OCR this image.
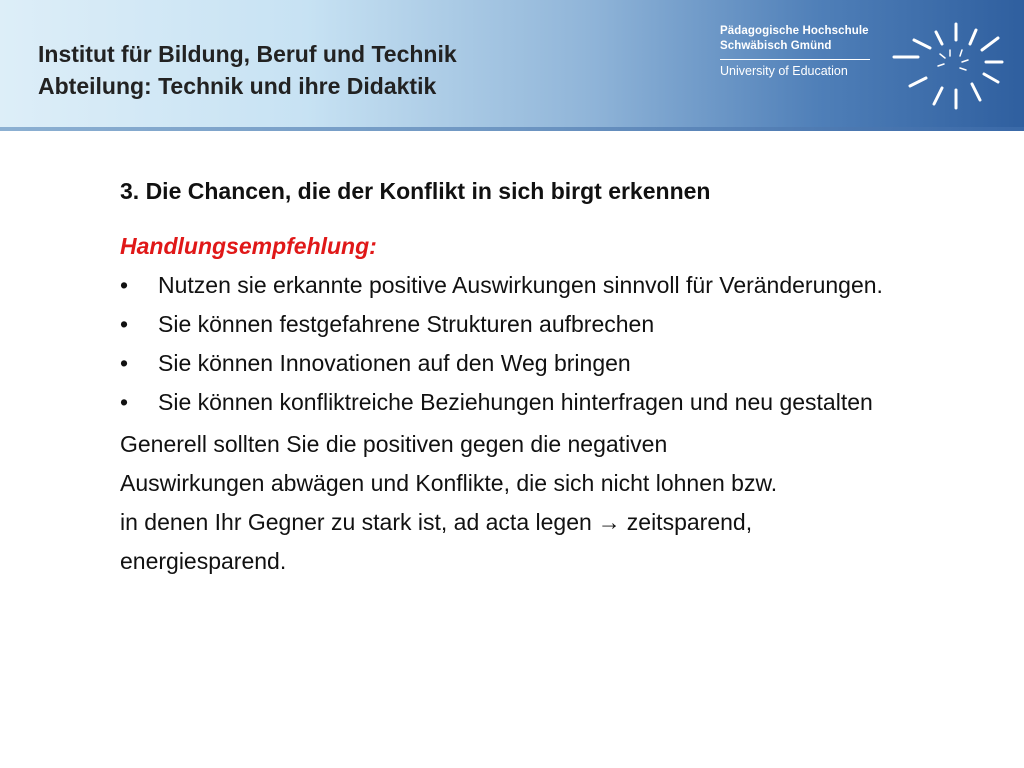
Institut für Bildung, Beruf und Technik
Abteilung: Technik und ihre Didaktik
Pädagogische Hochschule
Schwäbisch Gmünd
University of Education
3. Die Chancen, die der Konflikt in sich birgt erkennen
Handlungsempfehlung:
•	Nutzen sie erkannte positive Auswirkungen sinnvoll für Veränderungen.
•	Sie können festgefahrene Strukturen aufbrechen
•	Sie können Innovationen auf den Weg bringen
•	Sie können konfliktreiche Beziehungen hinterfragen und neu gestalten
Generell sollten Sie die positiven gegen die negativen
Auswirkungen abwägen und Konflikte, die sich nicht lohnen bzw.
in denen Ihr Gegner zu stark ist, ad acta legen → zeitsparend,
energiesparend.
